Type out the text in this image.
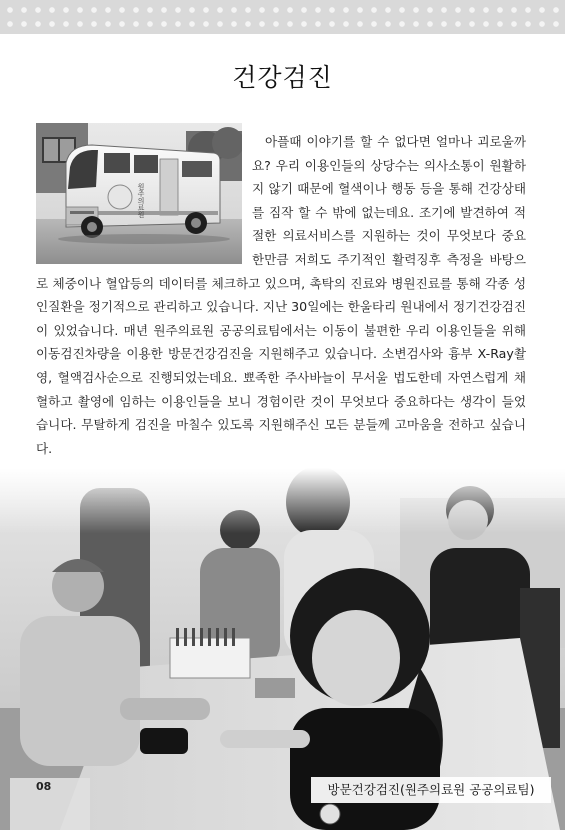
건강검진
원주의료원

아플때 이야기를 할 수 없다면 얼마나 괴로울까요? 우리 이용인들의 상당수는 의사소통이 원활하지 않기 때문에 혈색이나 행동 등을 통해 건강상태를 짐작 할 수 밖에 없는데요. 조기에 발견하여 적절한 의료서비스를 지원하는 것이 무엇보다 중요한만큼 저희도 주기적인 활력징후 측정을 바탕으로 체중이나 혈압등의 데이터를 체크하고 있으며, 촉탁의 진료와 병원진료를 통해 각종 성인질환을 정기적으로 관리하고 있습니다. 지난 30일에는 한울타리 원내에서 정기건강검진이 있었습니다. 매년 원주의료원 공공의료팀에서는 이동이 불편한 우리 이용인들을 위해 이동검진차량을 이용한 방문건강검진을 지원해주고 있습니다. 소변검사와 흉부 X-Ray촬영, 혈액검사순으로 진행되었는데요. 뾰족한 주사바늘이 무서울 법도한데 자연스럽게 채혈하고 촬영에 임하는 이용인들을 보니 경험이란 것이 무엇보다 중요하다는 생각이 들었습니다. 무탈하게 검진을 마칠수 있도록 지원해주신 모든 분들께 고마움을 전하고 싶습니다.

08	방문건강검진(원주의료원 공공의료팀)
